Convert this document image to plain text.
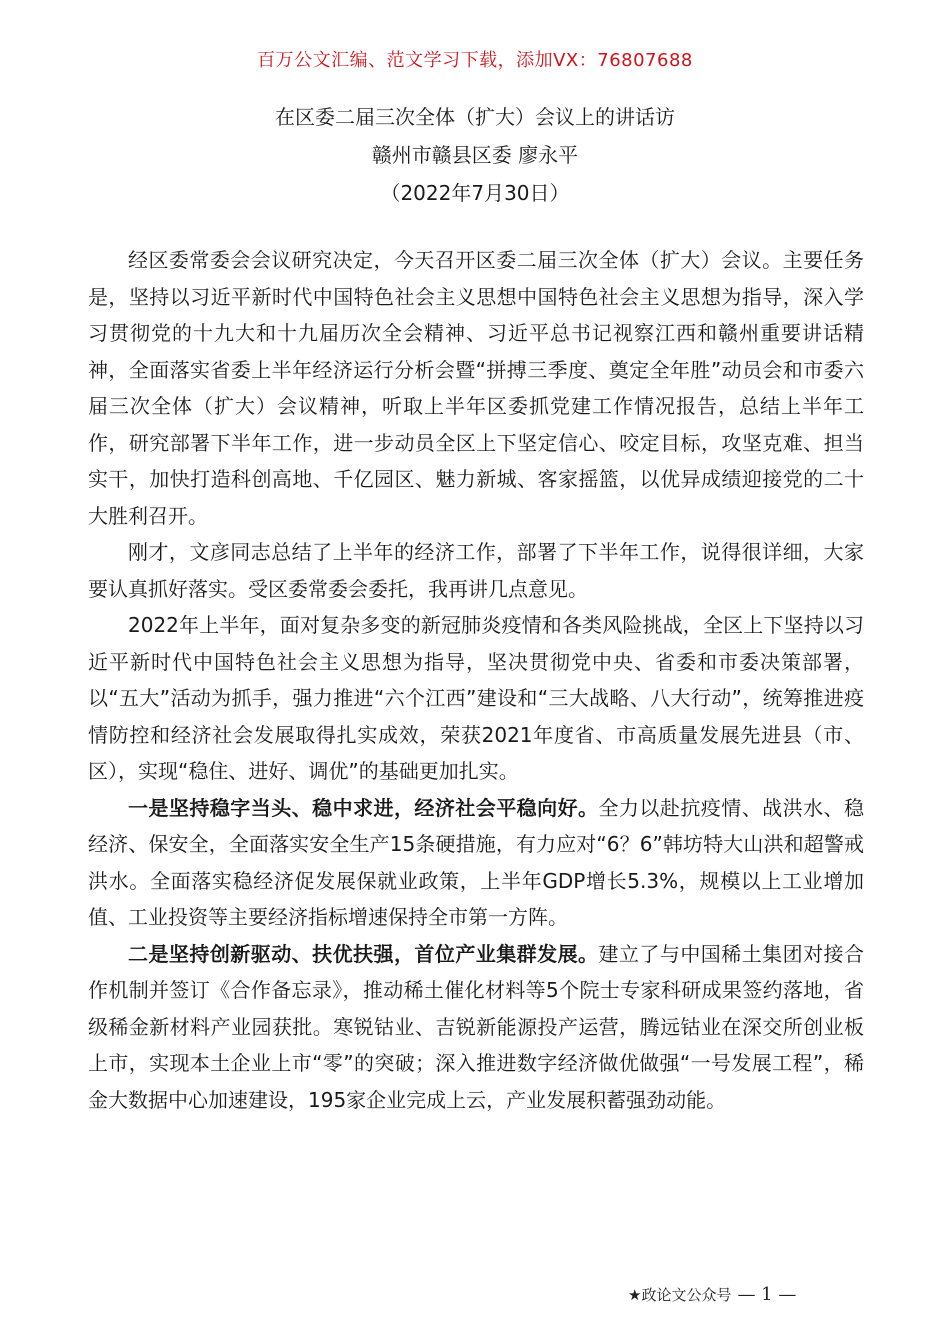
百万公文汇编、范文学习下载，添加VX：76807688
在区委二届三次全体（扩大）会议上的讲话访
赣州市赣县区委 廖永平
（2022年7月30日）

经区委常委会会议研究决定，今天召开区委二届三次全体（扩大）会议。主要任务是，坚持以习近平新时代中国特色社会主义思想中国特色社会主义思想为指导，深入学习贯彻党的十九大和十九届历次全会精神、习近平总书记视察江西和赣州重要讲话精神，全面落实省委上半年经济运行分析会暨“拼搏三季度、奠定全年胜”动员会和市委六届三次全体（扩大）会议精神，听取上半年区委抓党建工作情况报告，总结上半年工作，研究部署下半年工作，进一步动员全区上下坚定信心、咬定目标，攻坚克难、担当实干，加快打造科创高地、千亿园区、魅力新城、客家摇篮，以优异成绩迎接党的二十大胜利召开。

刚才，文彦同志总结了上半年的经济工作，部署了下半年工作，说得很详细，大家要认真抓好落实。受区委常委会委托，我再讲几点意见。

2022年上半年，面对复杂多变的新冠肺炎疫情和各类风险挑战，全区上下坚持以习近平新时代中国特色社会主义思想为指导，坚决贯彻党中央、省委和市委决策部署，以“五大”活动为抓手，强力推进“六个江西”建设和“三大战略、八大行动”，统筹推进疫情防控和经济社会发展取得扎实成效，荣获2021年度省、市高质量发展先进县（市、区），实现“稳住、进好、调优”的基础更加扎实。

一是坚持稳字当头、稳中求进，经济社会平稳向好。全力以赴抗疫情、战洪水、稳经济、保安全，全面落实安全生产15条硬措施，有力应对“6？6”韩坊特大山洪和超警戒洪水。全面落实稳经济促发展保就业政策，上半年GDP增长5.3%，规模以上工业增加值、工业投资等主要经济指标增速保持全市第一方阵。

二是坚持创新驱动、扶优扶强，首位产业集群发展。建立了与中国稀土集团对接合作机制并签订《合作备忘录》，推动稀土催化材料等5个院士专家科研成果签约落地，省级稀金新材料产业园获批。寒锐钴业、吉锐新能源投产运营，腾远钴业在深交所创业板上市，实现本土企业上市“零”的突破；深入推进数字经济做优做强“一号发展工程”，稀金大数据中心加速建设，195家企业完成上云，产业发展积蓄强劲动能。

★政论文公众号 — 1 —
